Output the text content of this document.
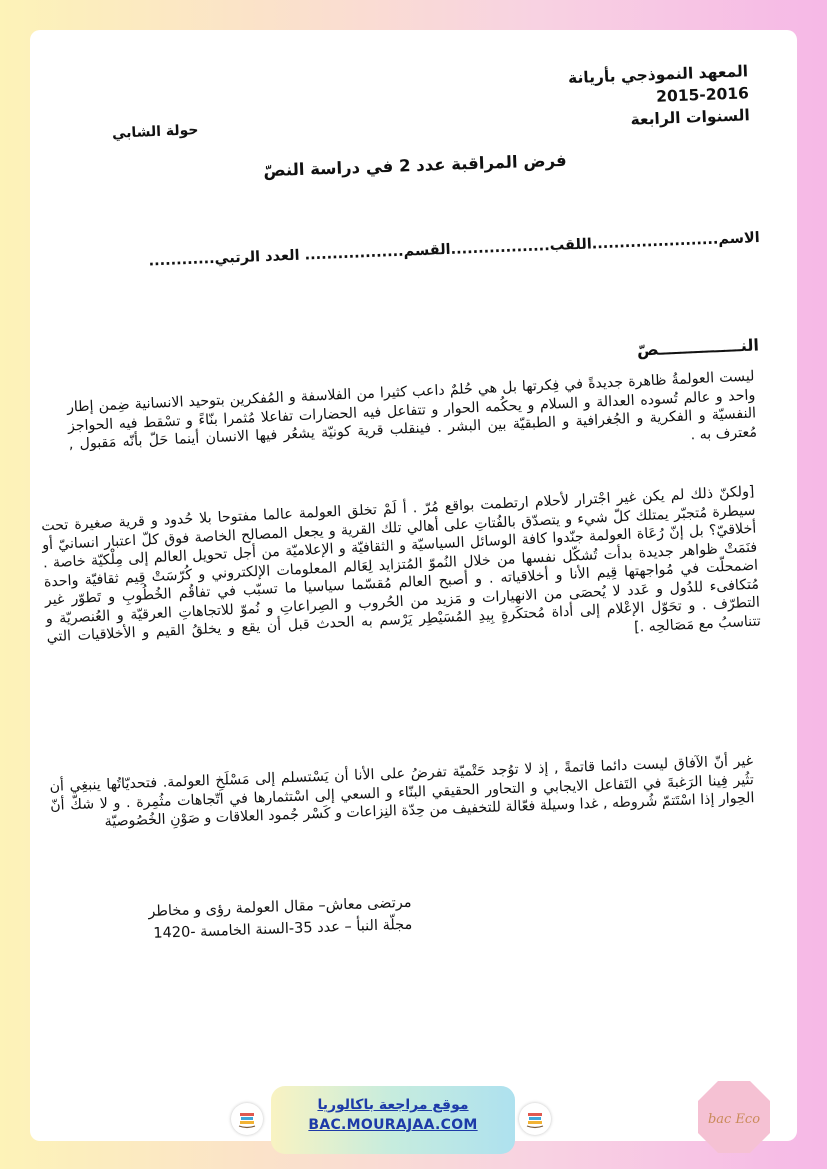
المعهد النموذجي بأريانة
2015-2016
السنوات الرابعة
حولة الشابي
فرض المراقبة عدد 2 في دراسة النصّ
الاسم.......................اللقب..................القسم.................. العدد الرتبي............
النـــــــــــــــصّ

ليست العولمةُ ظاهرة جديدةً في فِكرتها بل هي حُلمٌ داعب كثيرا من الفلاسفة و المُفكرين بتوحيد الانسانية ضِمن إطار واحد و عالم تُسوده العدالة و السلام و يحكُمه الحوار و تتفاعل فيه الحضارات تفاعلا مُثمرا بنّاءً و تسْقط فيه الحواجز النفسيّة و الفكرية و الجُغرافية و الطبقيّة بين البشر . فينقلب قرية كونيّة يشعُر فيها الانسان أينما حَلّ بأنّه مَقبول , مُعترف به .

[ولكنّ ذلك لم يكن غير اجْترار لأحلام ارتطمت بواقع مُرّ . أ لَمْ تخلق العولمة عالما مفتوحا بلا حُدود و قرية صغيرة تحت سيطرة مُتجبّر يمتلك كلّ شيء و يتصدّق بالفُتاتِ على أهالي تلك القرية و يجعل المصالح الخاصة فوق كلّ اعتبار انسانيّ أو أخلاقيّ؟ بل إنّ رُعَاة العولمة جنّدوا كافة الوسائل السياسيّة و الثقافيّة و الإعلاميّة من أجل تحويل العالم إلى مِلْكيّة خاصة . فنَمَتْ ظواهر جديدة بدأت تُشكّل نفسها من خلال النُموّ المُتزايد لِعَالم المعلومات الإلكتروني و كُرّسَتْ قِيم ثقافيّة واحدة اضمحلّت في مُواجهتها قِيم الأنا و أخلاقياته . و أصبح العالم مُقسّما سياسيا ما تسبّب في تفاقُم الخُطُوبِ و تَطوّر غير مُتكافىء للدُول و عَدد لا يُحصَى من الانهيارات و مَزيد من الحُروب و الصِراعاتِ و نُموّ للاتجاهاتِ العرقيّة و العُنصريّة و التطرّف . و تحَوّل الإعْلام إلى أداة مُحتكَرةٍ بِيدِ المُسَيْطِر يَرْسم به الحدث قبل أن يقع و يخلقُ القيم و الأخلاقيات التي تتناسبُ مع مَصَالحِه .]

غير أنّ الآفاق ليست دائما قاتمةً , إذ لا توُجد حَتْميّة تفرضُ على الأنا أن يَسْتسلم إلى مَسْلَخِ العولمة. فتحديّاتُها ينبغِي أن تثُير فِينا الرَغبةَ في التَفاعل الايجابي و التحاور الحقيقي البنّاء و السعي إلى اسْتثمارها في اتّجاهات مثُمِرة . و لا شكّ أنّ الحِوار إذا اسْتَتمّ شُروطه , غدا وسيلة فعّالة للتخفيف من حِدّة النِزاعات و كَسْر جُمود العلاقات و صَوْنِ الخُصُوصيّة

مرتضى معاش– مقال العولمة رؤى و مخاطر
مجلّة النبأ – عدد 35-السنة الخامسة -1420
موقع مراجعة باكالوريا
BAC.MOURAJAA.COM	bac Eco
